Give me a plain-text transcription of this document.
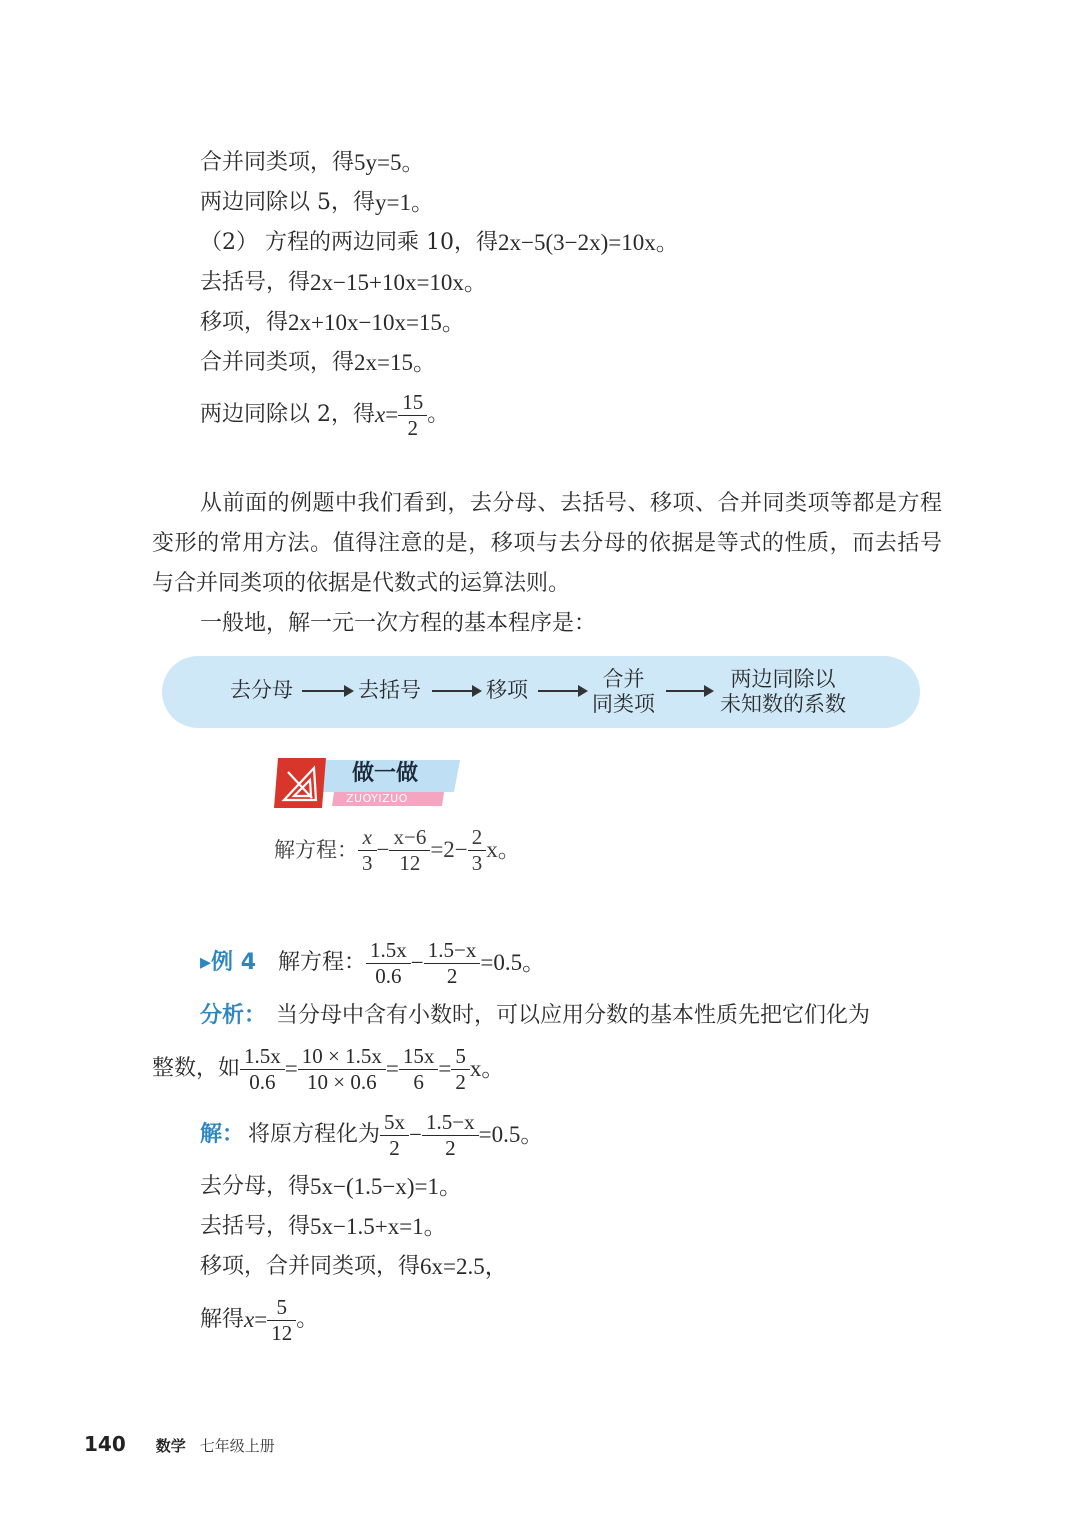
合并同类项，得 5y=5。
两边同除以 5，得 y=1。
（2） 方程的两边同乘 10，得 2x−5(3−2x)=10x。
去括号，得 2x−15+10x=10x。
移项，得 2x+10x−10x=15。
合并同类项，得 2x=15。
两边同除以 2，得 $x= \frac{15}{2}$ 。

从前面的例题中我们看到，去分母、去括号、移项、合并同类项等都是方程变形的常用方法。值得注意的是，移项与去分母的依据是等式的性质，而去括号与合并同类项的依据是代数式的运算法则。

一般地，解一元一次方程的基本程序是：

去分母	去括号	移项	合并
同类项
两边同除以
未知数的系数
做一做
ZUOYIZUO
解方程： $\frac{x}{3} - \frac{x-6}{12} =2- \frac{2}{3}$ x。
▸例 4 解方程： $\frac{1.5x}{0.6} - \frac{1.5-x}{2} =0.5$。
分析： 当分母中含有小数时，可以应用分数的基本性质先把它们化为
整数，如 $\frac{1.5x}{0.6} = \frac{10 \times 1.5x}{10 \times 0.6} = \frac{15x}{6} = \frac{5}{2}$ x。
解： 将原方程化为 $\frac{5x}{2} - \frac{1.5-x}{2} =0.5$。
去分母，得 5x−(1.5−x)=1。
去括号，得 5x−1.5+x=1。
移项，合并同类项，得 6x=2.5，
解得 $x= \frac{5}{12}$ 。
140 数学 七年级上册
